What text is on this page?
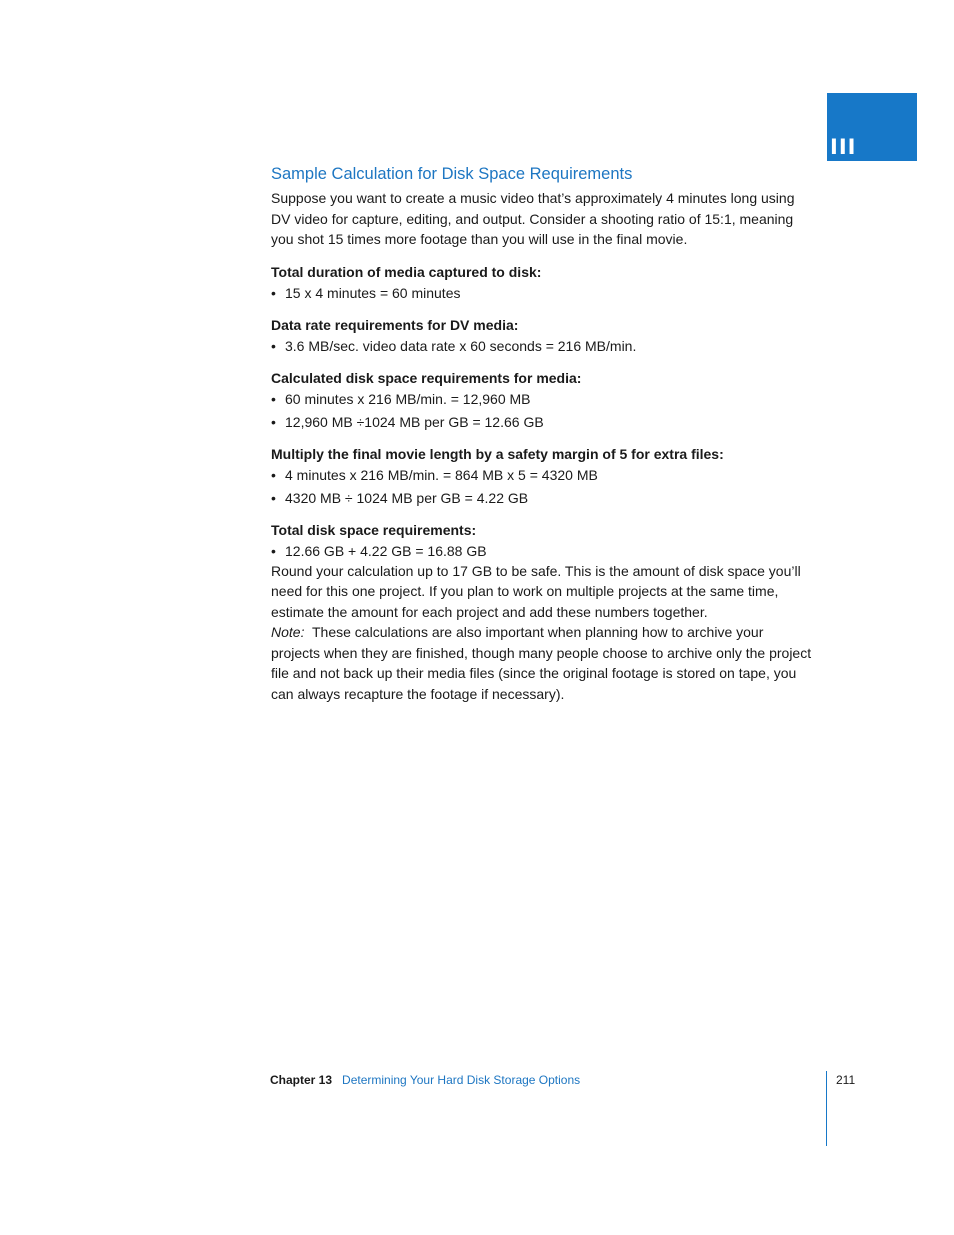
III
Sample Calculation for Disk Space Requirements

Suppose you want to create a music video that’s approximately 4 minutes long using DV video for capture, editing, and output. Consider a shooting ratio of 15:1, meaning you shot 15 times more footage than you will use in the final movie.

Total duration of media captured to disk:
• 15 x 4 minutes = 60 minutes
Data rate requirements for DV media:
• 3.6 MB/sec. video data rate x 60 seconds = 216 MB/min.
Calculated disk space requirements for media:
• 60 minutes x 216 MB/min. = 12,960 MB
• 12,960 MB ÷1024 MB per GB = 12.66 GB
Multiply the final movie length by a safety margin of 5 for extra files:
• 4 minutes x 216 MB/min. = 864 MB x 5 = 4320 MB
• 4320 MB ÷ 1024 MB per GB = 4.22 GB
Total disk space requirements:
• 12.66 GB + 4.22 GB = 16.88 GB

Round your calculation up to 17 GB to be safe. This is the amount of disk space you’ll need for this one project. If you plan to work on multiple projects at the same time, estimate the amount for each project and add these numbers together.

Note: These calculations are also important when planning how to archive your projects when they are finished, though many people choose to archive only the project file and not back up their media files (since the original footage is stored on tape, you can always recapture the footage if necessary).

Chapter 13 Determining Your Hard Disk Storage Options	211
